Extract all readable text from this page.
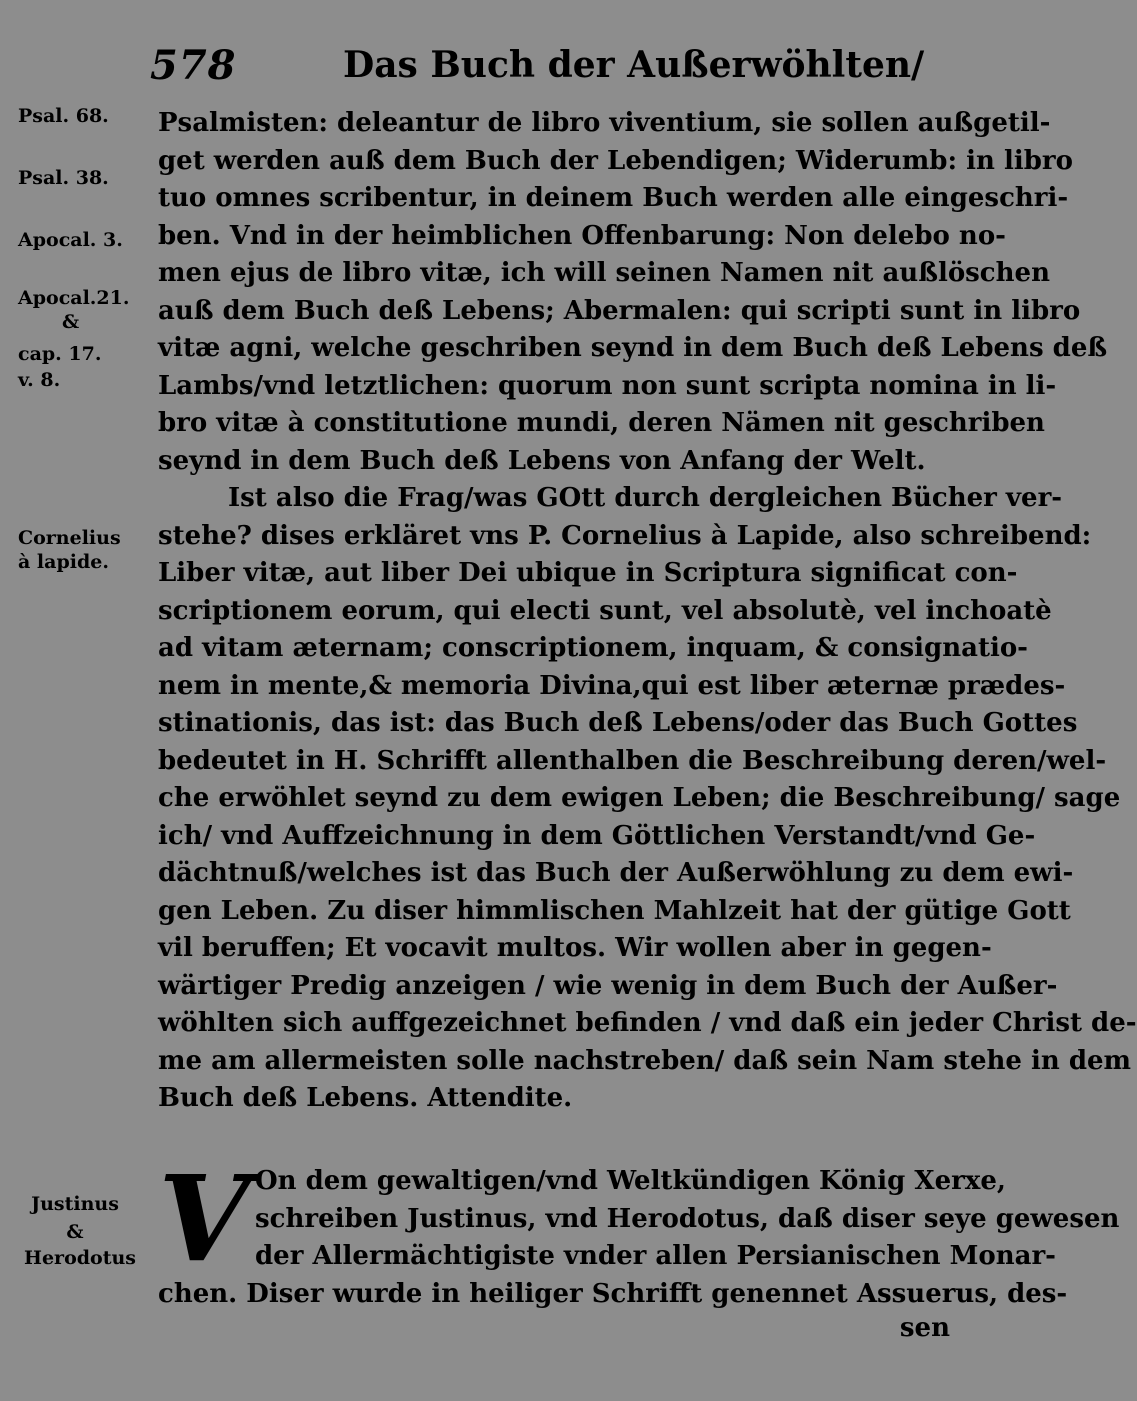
578	Das Buch der Außerwöhlten/
Psal. 68.
Psal. 38.
Apocal. 3.
Apocal.21.
&
cap. 17.
v. 8.
Cornelius
à lapide.
Justinus
&
Herodotus
Psalmisten: deleantur de libro viventium, sie sollen außgetil-
get werden auß dem Buch der Lebendigen; Widerumb: in libro
tuo omnes scribentur, in deinem Buch werden alle eingeschri-
ben. Vnd in der heimblichen Offenbarung: Non delebo no-
men ejus de libro vitæ, ich will seinen Namen nit außlöschen
auß dem Buch deß Lebens; Abermalen: qui scripti sunt in libro
vitæ agni, welche geschriben seynd in dem Buch deß Lebens deß
Lambs/vnd letztlichen: quorum non sunt scripta nomina in li-
bro vitæ à constitutione mundi, deren Nämen nit geschriben
seynd in dem Buch deß Lebens von Anfang der Welt.
Ist also die Frag/was GOtt durch dergleichen Bücher ver-
stehe? dises erkläret vns P. Cornelius à Lapide, also schreibend:
Liber vitæ, aut liber Dei ubique in Scriptura significat con-
scriptionem eorum, qui electi sunt, vel absolutè, vel inchoatè
ad vitam æternam; conscriptionem, inquam, & consignatio-
nem in mente,& memoria Divina,qui est liber æternæ prædes-
stinationis, das ist: das Buch deß Lebens/oder das Buch Gottes
bedeutet in H. Schrifft allenthalben die Beschreibung deren/wel-
che erwöhlet seynd zu dem ewigen Leben; die Beschreibung/ sage
ich/ vnd Auffzeichnung in dem Göttlichen Verstandt/vnd Ge-
dächtnuß/welches ist das Buch der Außerwöhlung zu dem ewi-
gen Leben. Zu diser himmlischen Mahlzeit hat der gütige Gott
vil beruffen; Et vocavit multos. Wir wollen aber in gegen-
wärtiger Predig anzeigen / wie wenig in dem Buch der Außer-
wöhlten sich auffgezeichnet befinden / vnd daß ein jeder Christ de-
me am allermeisten solle nachstreben/ daß sein Nam stehe in dem
Buch deß Lebens. Attendite.
V On dem gewaltigen/vnd Weltkündigen König Xerxe,
schreiben Justinus, vnd Herodotus, daß diser seye gewesen
der Allermächtigiste vnder allen Persianischen Monar-
chen. Diser wurde in heiliger Schrifft genennet Assuerus, des-
sen
